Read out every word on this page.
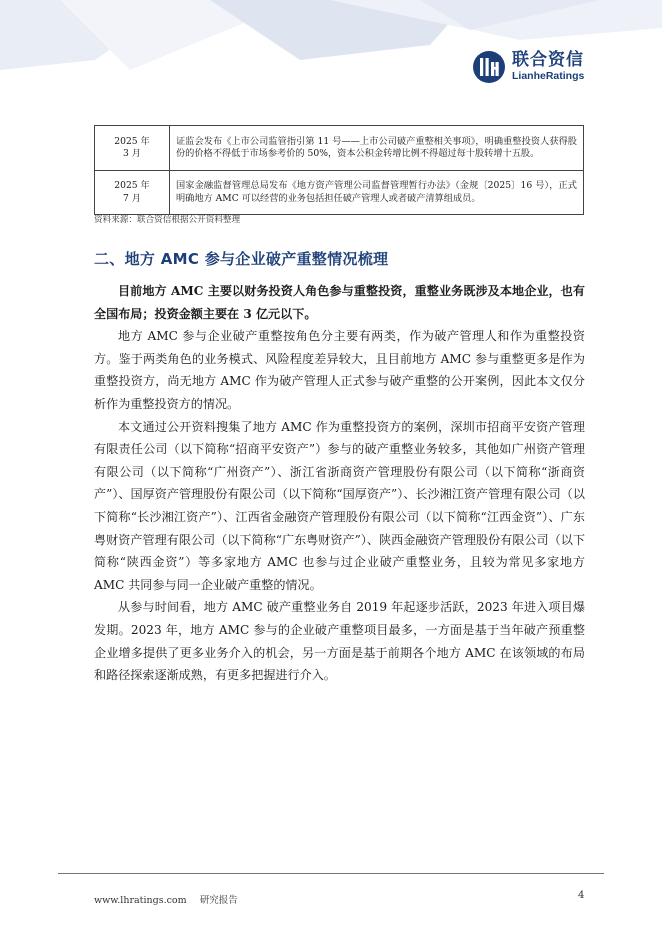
联合资信
LianheRatings
2025 年
3 月	证监会发布《上市公司监管指引第 11 号——上市公司破产重整相关事项》，明确重整投资人获得股份的价格不得低于市场参考价的 50%，资本公积金转增比例不得超过每十股转增十五股。

2025 年
7 月	国家金融监督管理总局发布《地方资产管理公司监督管理暂行办法》（金规〔2025〕16 号），正式明确地方 AMC 可以经营的业务包括担任破产管理人或者破产清算组成员。
资料来源：联合资信根据公开资料整理
二、地方 AMC 参与企业破产重整情况梳理

目前地方 AMC 主要以财务投资人角色参与重整投资，重整业务既涉及本地企业，也有全国布局；投资金额主要在 3 亿元以下。

地方 AMC 参与企业破产重整按角色分主要有两类，作为破产管理人和作为重整投资方。鉴于两类角色的业务模式、风险程度差异较大，且目前地方 AMC 参与重整更多是作为重整投资方，尚无地方 AMC 作为破产管理人正式参与破产重整的公开案例，因此本文仅分析作为重整投资方的情况。

本文通过公开资料搜集了地方 AMC 作为重整投资方的案例，深圳市招商平安资产管理有限责任公司（以下简称“招商平安资产”）参与的破产重整业务较多，其他如广州资产管理有限公司（以下简称“广州资产”）、浙江省浙商资产管理股份有限公司（以下简称“浙商资产”）、国厚资产管理股份有限公司（以下简称“国厚资产”）、长沙湘江资产管理有限公司（以下简称“长沙湘江资产”）、江西省金融资产管理股份有限公司（以下简称“江西金资”）、广东粤财资产管理有限公司（以下简称“广东粤财资产”）、陕西金融资产管理股份有限公司（以下简称“陕西金资”）等多家地方 AMC 也参与过企业破产重整业务，且较为常见多家地方 AMC 共同参与同一企业破产重整的情况。

从参与时间看，地方 AMC 破产重整业务自 2019 年起逐步活跃，2023 年进入项目爆发期。2023 年，地方 AMC 参与的企业破产重整项目最多，一方面是基于当年破产预重整企业增多提供了更多业务介入的机会，另一方面是基于前期各个地方 AMC 在该领域的布局和路径探索逐渐成熟，有更多把握进行介入。

www.lhratings.com 研究报告	4
